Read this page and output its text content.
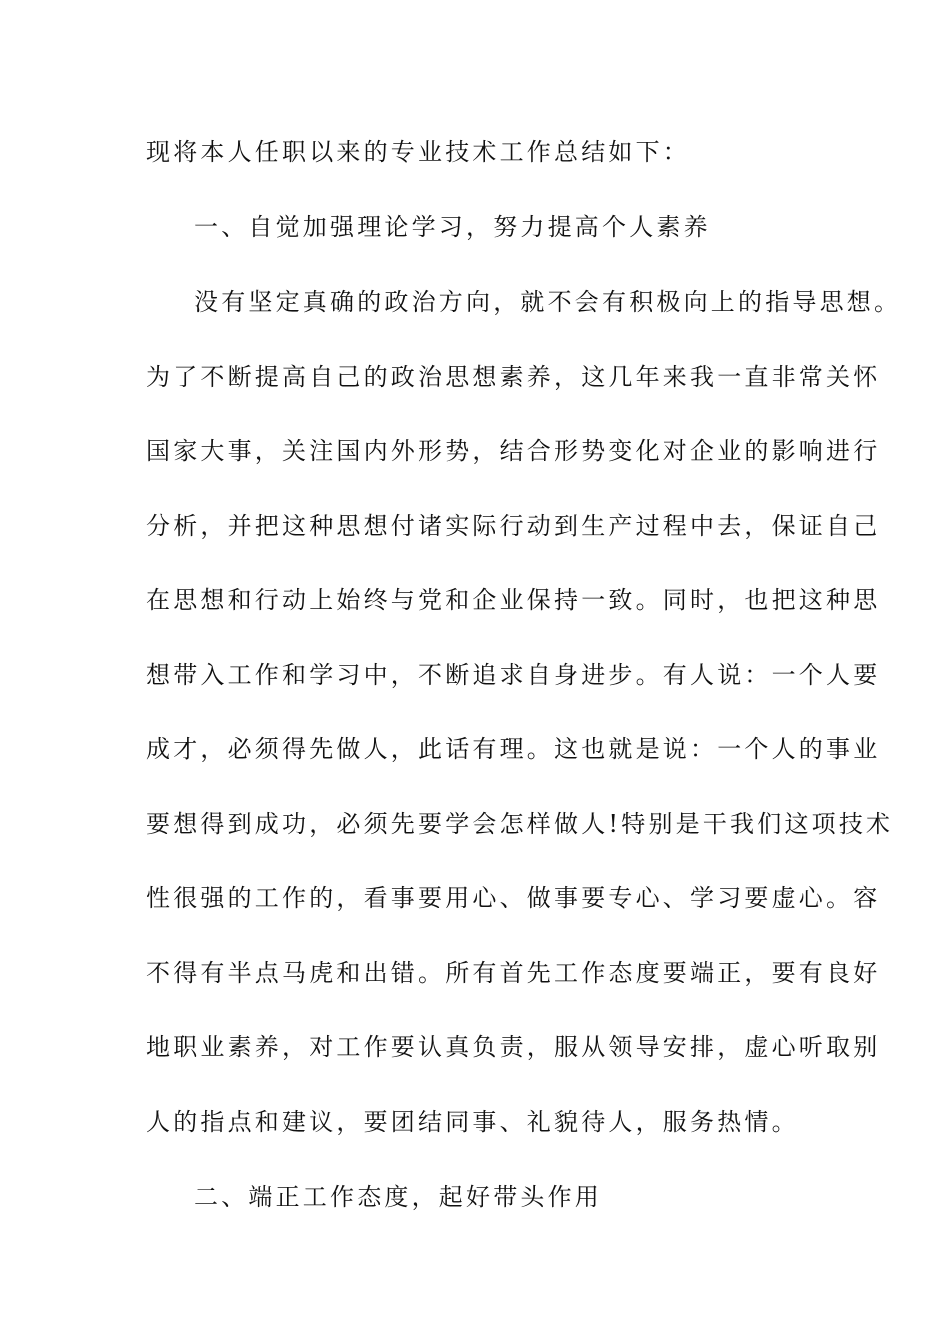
现将本人任职以来的专业技术工作总结如下：
一、自觉加强理论学习，努力提高个人素养
没有坚定真确的政治方向，就不会有积极向上的指导思想。
为了不断提高自己的政治思想素养，这几年来我一直非常关怀
国家大事，关注国内外形势，结合形势变化对企业的影响进行
分析，并把这种思想付诸实际行动到生产过程中去，保证自己
在思想和行动上始终与党和企业保持一致。同时，也把这种思
想带入工作和学习中，不断追求自身进步。有人说：一个人要
成才，必须得先做人，此话有理。这也就是说：一个人的事业
要想得到成功，必须先要学会怎样做人!特别是干我们这项技术
性很强的工作的，看事要用心、做事要专心、学习要虚心。容
不得有半点马虎和出错。所有首先工作态度要端正，要有良好
地职业素养，对工作要认真负责，服从领导安排，虚心听取别
人的指点和建议，要团结同事、礼貌待人，服务热情。
二、端正工作态度，起好带头作用
